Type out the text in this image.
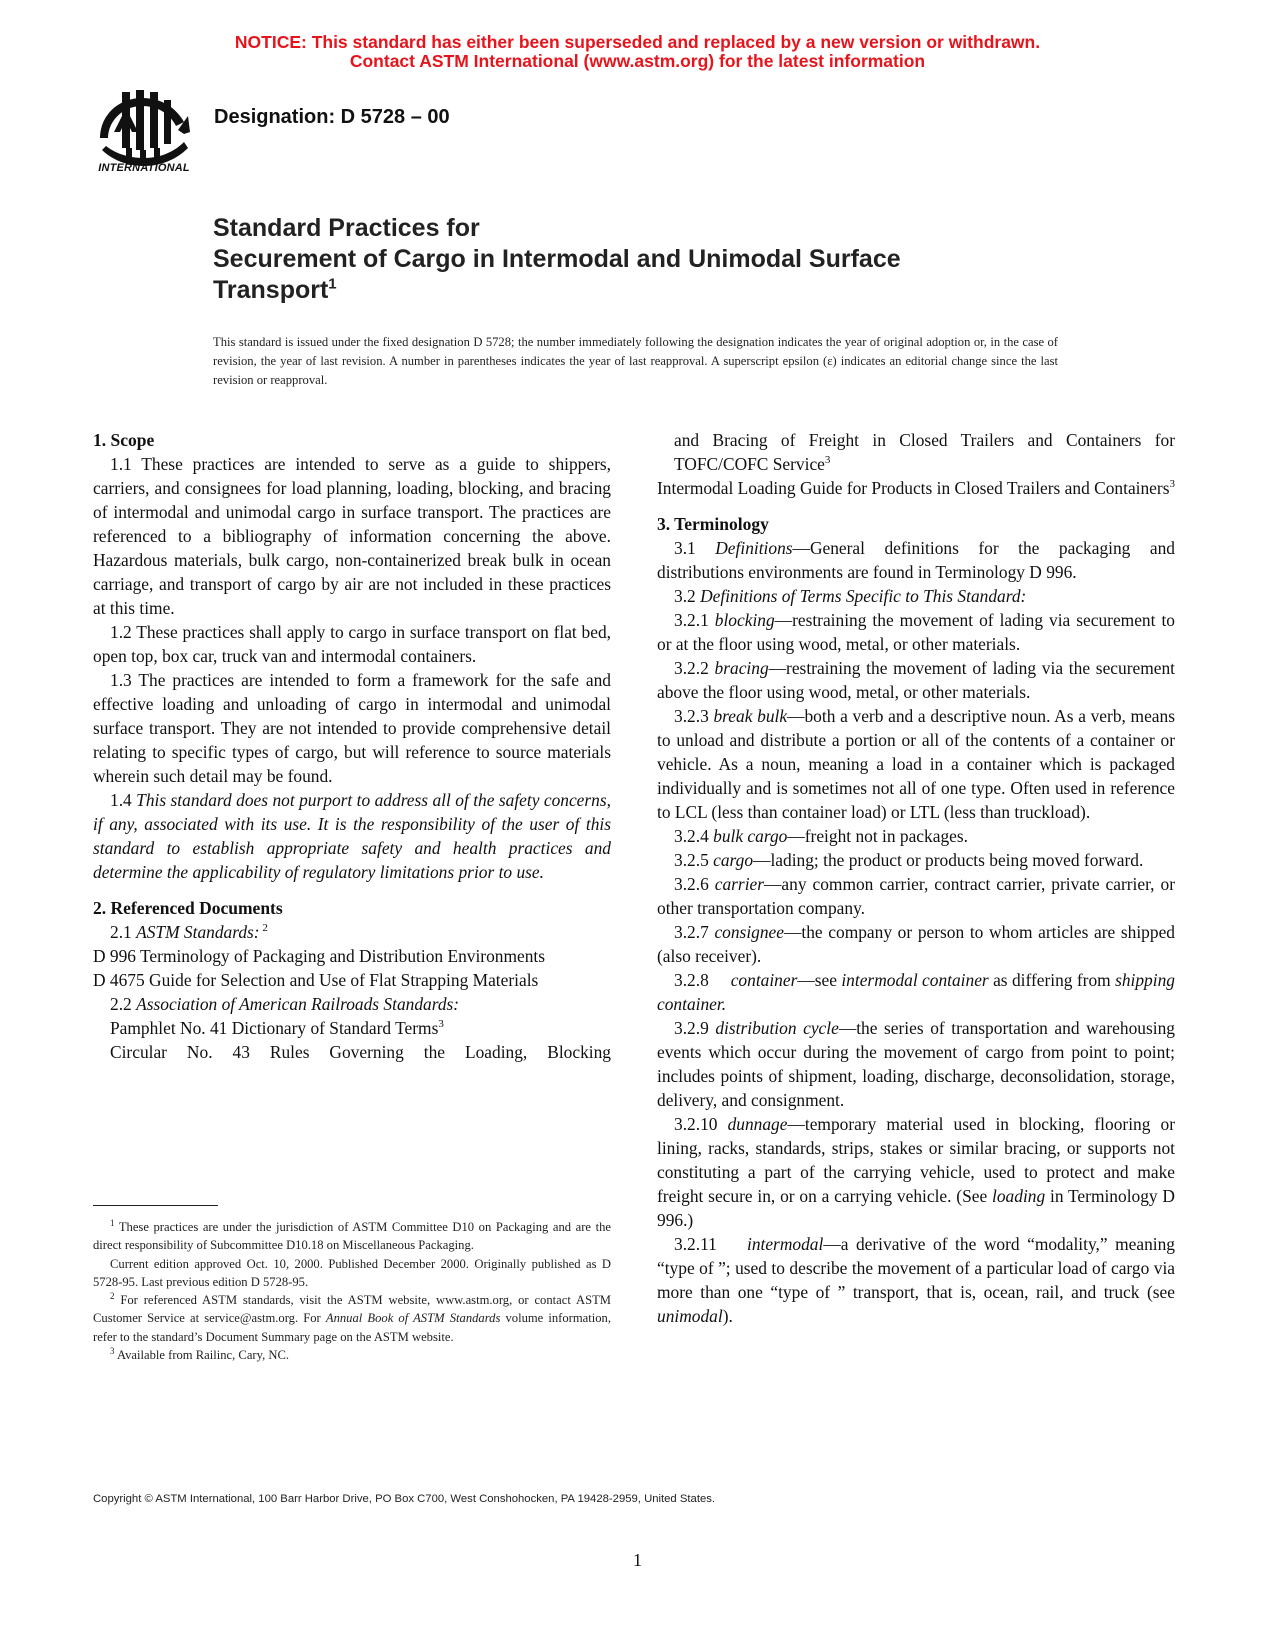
NOTICE: This standard has either been superseded and replaced by a new version or withdrawn.
Contact ASTM International (www.astm.org) for the latest information
INTERNATIONAL
Designation: D 5728 – 00
Standard Practices for
Securement of Cargo in Intermodal and Unimodal Surface
Transport$^1$
This standard is issued under the fixed designation D 5728; the number immediately following the designation indicates the year of original adoption or, in the case of revision, the year of last revision. A number in parentheses indicates the year of last reapproval. A superscript epsilon (ε) indicates an editorial change since the last revision or reapproval.
1. Scope

1.1 These practices are intended to serve as a guide to shippers, carriers, and consignees for load planning, loading, blocking, and bracing of intermodal and unimodal cargo in surface transport. The practices are referenced to a bibliography of information concerning the above. Hazardous materials, bulk cargo, non-containerized break bulk in ocean carriage, and transport of cargo by air are not included in these practices at this time.

1.2 These practices shall apply to cargo in surface transport on flat bed, open top, box car, truck van and intermodal containers.

1.3 The practices are intended to form a framework for the safe and effective loading and unloading of cargo in intermodal and unimodal surface transport. They are not intended to provide comprehensive detail relating to specific types of cargo, but will reference to source materials wherein such detail may be found.

1.4 This standard does not purport to address all of the safety concerns, if any, associated with its use. It is the responsibility of the user of this standard to establish appropriate safety and health practices and determine the applicability of regulatory limitations prior to use.

2. Referenced Documents

2.1 ASTM Standards: $^2$

D 996 Terminology of Packaging and Distribution Environments

D 4675 Guide for Selection and Use of Flat Strapping Materials

2.2 Association of American Railroads Standards:

Pamphlet No. 41 Dictionary of Standard Terms$^3$

Circular No. 43 Rules Governing the Loading, Blocking

$^1$ These practices are under the jurisdiction of ASTM Committee D10 on Packaging and are the direct responsibility of Subcommittee D10.18 on Miscellaneous Packaging.

Current edition approved Oct. 10, 2000. Published December 2000. Originally published as D 5728-95. Last previous edition D 5728-95.

$^2$ For referenced ASTM standards, visit the ASTM website, www.astm.org, or contact ASTM Customer Service at service@astm.org. For Annual Book of ASTM Standards volume information, refer to the standard’s Document Summary page on the ASTM website.

$^3$ Available from Railinc, Cary, NC.

and Bracing of Freight in Closed Trailers and Containers for TOFC/COFC Service$^3$

Intermodal Loading Guide for Products in Closed Trailers and Containers$^3$

3. Terminology

3.1 Definitions—General definitions for the packaging and distributions environments are found in Terminology D 996.

3.2 Definitions of Terms Specific to This Standard:

3.2.1 blocking—restraining the movement of lading via securement to or at the floor using wood, metal, or other materials.

3.2.2 bracing—restraining the movement of lading via the securement above the floor using wood, metal, or other materials.

3.2.3 break bulk—both a verb and a descriptive noun. As a verb, means to unload and distribute a portion or all of the contents of a container or vehicle. As a noun, meaning a load in a container which is packaged individually and is sometimes not all of one type. Often used in reference to LCL (less than container load) or LTL (less than truckload).

3.2.4 bulk cargo—freight not in packages.

3.2.5 cargo—lading; the product or products being moved forward.

3.2.6 carrier—any common carrier, contract carrier, private carrier, or other transportation company.

3.2.7 consignee—the company or person to whom articles are shipped (also receiver).

3.2.8     container—see intermodal container as differing from shipping container.

3.2.9 distribution cycle—the series of transportation and warehousing events which occur during the movement of cargo from point to point; includes points of shipment, loading, discharge, deconsolidation, storage, delivery, and consignment.

3.2.10 dunnage—temporary material used in blocking, flooring or lining, racks, standards, strips, stakes or similar bracing, or supports not constituting a part of the carrying vehicle, used to protect and make freight secure in, or on a carrying vehicle. (See loading in Terminology D 996.)

3.2.11    intermodal—a derivative of the word “modality,” meaning “type of ”; used to describe the movement of a particular load of cargo via more than one “type of ” transport, that is, ocean, rail, and truck (see unimodal).

Copyright © ASTM International, 100 Barr Harbor Drive, PO Box C700, West Conshohocken, PA 19428-2959, United States.
1
